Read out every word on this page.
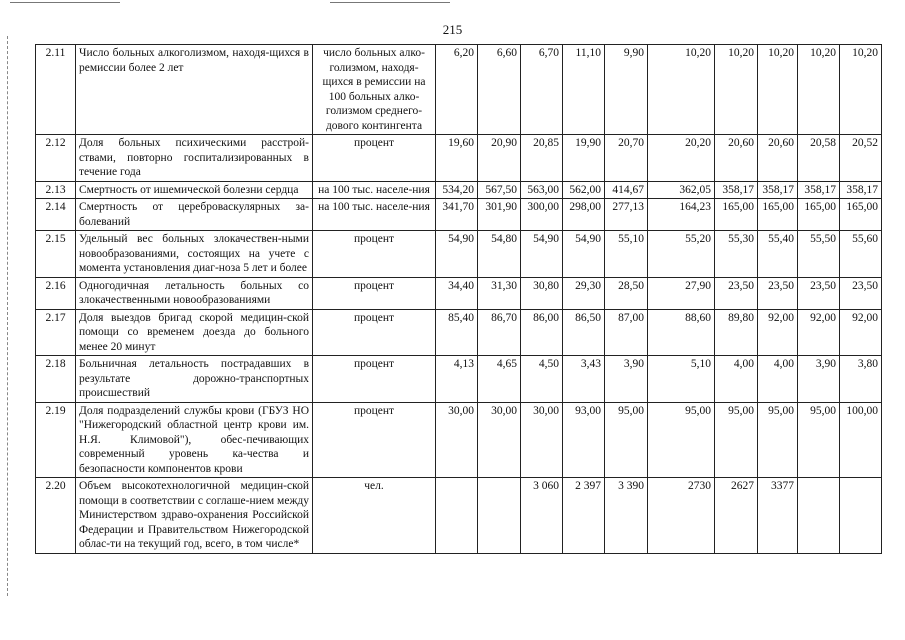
215
2.11	Число больных алкоголизмом, находя-щихся в ремиссии более 2 лет	число больных алко-голизмом, находя-щихся в ремиссии на 100 больных алко-голизмом среднего-дового контингента	6,20	6,60	6,70	11,10	9,90	10,20	10,20	10,20	10,20	10,20
2.12	Доля больных психическими расстрой-ствами, повторно госпитализированных в течение года	процент	19,60	20,90	20,85	19,90	20,70	20,20	20,60	20,60	20,58	20,52
2.13	Смертность от ишемической болезни сердца	на 100 тыс. населе-ния	534,20	567,50	563,00	562,00	414,67	362,05	358,17	358,17	358,17	358,17
2.14	Смертность от цереброваскулярных за-болеваний	на 100 тыс. населе-ния	341,70	301,90	300,00	298,00	277,13	164,23	165,00	165,00	165,00	165,00
2.15	Удельный вес больных злокачествен-ными новообразованиями, состоящих на учете с момента установления диаг-ноза 5 лет и более	процент	54,90	54,80	54,90	54,90	55,10	55,20	55,30	55,40	55,50	55,60
2.16	Одногодичная летальность больных со злокачественными новообразованиями	процент	34,40	31,30	30,80	29,30	28,50	27,90	23,50	23,50	23,50	23,50
2.17	Доля выездов бригад скорой медицин-ской помощи со временем доезда до больного менее 20 минут	процент	85,40	86,70	86,00	86,50	87,00	88,60	89,80	92,00	92,00	92,00
2.18	Больничная летальность пострадавших в результате дорожно-транспортных происшествий	процент	4,13	4,65	4,50	3,43	3,90	5,10	4,00	4,00	3,90	3,80
2.19	Доля подразделений службы крови (ГБУЗ НО "Нижегородский областной центр крови им. Н.Я. Климовой"), обес-печивающих современный уровень ка-чества и безопасности компонентов крови	процент	30,00	30,00	30,00	93,00	95,00	95,00	95,00	95,00	95,00	100,00
2.20	Объем высокотехнологичной медицин-ской помощи в соответствии с соглаше-нием между Министерством здраво-охранения Российской Федерации и Правительством Нижегородской облас-ти на текущий год, всего, в том числе*	чел.			3 060	2 397	3 390	2730	2627	3377		
